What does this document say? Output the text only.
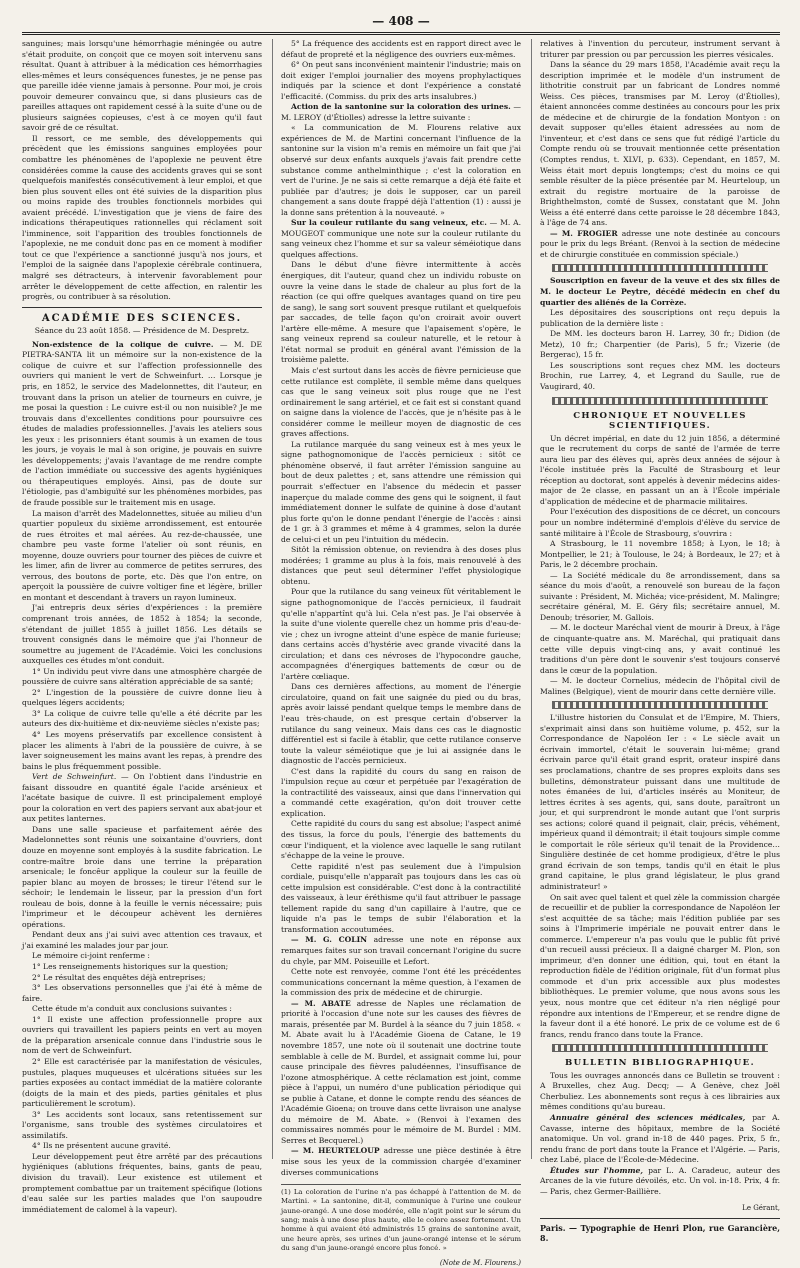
— 408 —

sanguines; mais lorsqu'une hémorrhagie méningée ou autre s'était produite, on conçoit que ce moyen soit intervenu sans résultat. Quant à attribuer à la médication ces hémorrhagies elles-mêmes et leurs conséquences funestes, je ne pense pas que pareille idée vienne jamais à personne. Pour moi, je crois pouvoir demeurer convaincu que, si dans plusieurs cas de pareilles attaques ont rapidement cessé à la suite d'une ou de plusieurs saignées copieuses, c'est à ce moyen qu'il faut savoir gré de ce résultat.

Il ressort, ce me semble, des développements qui précèdent que les émissions sanguines employées pour combattre les phénomènes de l'apoplexie ne peuvent être considérées comme la cause des accidents graves qui se sont quelquefois manifestés consécutivement à leur emploi, et que bien plus souvent elles ont été suivies de la disparition plus ou moins rapide des troubles fonctionnels morbides qui avaient précédé. L'investigation que je viens de faire des indications thérapeutiques rationnelles qui réclament soit l'imminence, soit l'apparition des troubles fonctionnels de l'apoplexie, ne me conduit donc pas en ce moment à modifier tout ce que l'expérience a sanctionné jusqu'à nos jours, et l'emploi de la saignée dans l'apoplexie cérébrale continuera, malgré ses détracteurs, à intervenir favorablement pour arrêter le développement de cette affection, en ralentir les progrès, ou contribuer à sa résolution.

ACADÉMIE DES SCIENCES.
Séance du 23 août 1858. — Présidence de M. Despretz.

Non-existence de la colique de cuivre. — M. DE PIETRA-SANTA lit un mémoire sur la non-existence de la colique de cuivre et sur l'affection professionnelle des ouvriers qui manient le vert de Schweinfurt. … Lorsque je pris, en 1852, le service des Madelonnettes, dit l'auteur, en trouvant dans la prison un atelier de tourneurs en cuivre, je me posai la question : Le cuivre est-il ou non nuisible? Je me trouvais dans d'excellentes conditions pour poursuivre ces études de maladies professionnelles. J'avais les ateliers sous les yeux : les prisonniers étant soumis à un examen de tous les jours, je voyais le mal à son origine, je pouvais en suivre les développements; j'avais l'avantage de me rendre compte de l'action immédiate ou successive des agents hygiéniques ou thérapeutiques employés. Ainsi, pas de doute sur l'étiologie, pas d'ambiguïté sur les phénomènes morbides, pas de fraude possible sur le traitement mis en usage.

La maison d'arrêt des Madelonnettes, située au milieu d'un quartier populeux du sixième arrondissement, est entourée de rues étroites et mal aérées. Au rez-de-chaussée, une chambre peu vaste forme l'atelier où sont réunis, en moyenne, douze ouvriers pour tourner des pièces de cuivre et les limer, afin de livrer au commerce de petites serrures, des verrous, des boutons de porte, etc. Dès que l'on entre, on aperçoit la poussière de cuivre voltiger fine et légère, briller en montant et descendant à travers un rayon lumineux.

J'ai entrepris deux séries d'expériences : la première comprenant trois années, de 1852 à 1854; la seconde, s'étendant de juillet 1855 à juillet 1856. Les détails se trouvent consignés dans le mémoire que j'ai l'honneur de soumettre au jugement de l'Académie. Voici les conclusions auxquelles ces études m'ont conduit.

1° Un individu peut vivre dans une atmosphère chargée de poussière de cuivre sans altération appréciable de sa santé;

2° L'ingestion de la poussière de cuivre donne lieu à quelques légers accidents;

3° La colique de cuivre telle qu'elle a été décrite par les auteurs des dix-huitième et dix-neuvième siècles n'existe pas;

4° Les moyens préservatifs par excellence consistent à placer les aliments à l'abri de la poussière de cuivre, à se laver soigneusement les mains avant les repas, à prendre des bains le plus fréquemment possible.

Vert de Schweinfurt. — On l'obtient dans l'industrie en faisant dissoudre en quantité égale l'acide arsénieux et l'acétate basique de cuivre. Il est principalement employé pour la coloration en vert des papiers servant aux abat-jour et aux petites lanternes.

Dans une salle spacieuse et parfaitement aérée des Madelonnettes sont réunis une soixantaine d'ouvriers, dont douze en moyenne sont employés à la susdite fabrication. Le contre-maître broie dans une terrine la préparation arsenicale; le foncêur applique la couleur sur la feuille de papier blanc au moyen de brosses; le tireur l'étend sur le séchoir; le lendemain le lisseur, par la pression d'un fort rouleau de bois, donne à la feuille le vernis nécessaire; puis l'imprimeur et le découpeur achèvent les dernières opérations.

Pendant deux ans j'ai suivi avec attention ces travaux, et j'ai examiné les malades jour par jour.

Le mémoire ci-joint renferme :

1° Les renseignements historiques sur la question;

2° Le résultat des enquêtes déjà entreprises;

3° Les observations personnelles que j'ai été à même de faire.

Cette étude m'a conduit aux conclusions suivantes :

1° Il existe une affection professionnelle propre aux ouvriers qui travaillent les papiers peints en vert au moyen de la préparation arsenicale connue dans l'industrie sous le nom de vert de Schweinfurt.

2° Elle est caractérisée par la manifestation de vésicules, pustules, plaques muqueuses et ulcérations situées sur les parties exposées au contact immédiat de la matière colorante (doigts de la main et des pieds, parties génitales et plus particulièrement le scrotum).

3° Les accidents sont locaux, sans retentissement sur l'organisme, sans trouble des systèmes circulatoires et assimilatifs.

4° Ils ne présentent aucune gravité.

Leur développement peut être arrêté par des précautions hygiéniques (ablutions fréquentes, bains, gants de peau, division du travail). Leur existence est utilement et promptement combattue par un traitement spécifique (lotions d'eau salée sur les parties malades que l'on saupoudre immédiatement de calomel à la vapeur).

5° La fréquence des accidents est en rapport direct avec le défaut de propreté et la négligence des ouvriers eux-mêmes.

6° On peut sans inconvénient maintenir l'industrie; mais on doit exiger l'emploi journalier des moyens prophylactiques indiqués par la science et dont l'expérience a constaté l'efficacité. (Commiss. du prix des arts insalubres.)

Action de la santonine sur la coloration des urines. — M. LEROY (d'Étiolles) adresse la lettre suivante :

« La communication de M. Flourens relative aux expériences de M. de Martini concernant l'influence de la santonine sur la vision m'a remis en mémoire un fait que j'ai observé sur deux enfants auxquels j'avais fait prendre cette substance comme anthelminthique ; c'est la coloration en vert de l'urine. Je ne sais si cette remarque a déjà été faite et publiée par d'autres; je dois le supposer, car un pareil changement a sans doute frappé déjà l'attention (1) : aussi je la donne sans prétention à la nouveauté. »

Sur la couleur rutilante du sang veineux, etc. — M. A. MOUGEOT communique une note sur la couleur rutilante du sang veineux chez l'homme et sur sa valeur séméiotique dans quelques affections.

Dans le début d'une fièvre intermittente à accès énergiques, dit l'auteur, quand chez un individu robuste on ouvre la veine dans le stade de chaleur au plus fort de la réaction (ce qui offre quelques avantages quand on tire peu de sang), le sang sort souvent presque rutilant et quelquefois par saccades, de telle façon qu'on croirait avoir ouvert l'artère elle-même. A mesure que l'apaisement s'opère, le sang veineux reprend sa couleur naturelle, et le retour à l'état normal se produit en général avant l'émission de la troisième palette.

Mais c'est surtout dans les accès de fièvre pernicieuse que cette rutilance est complète, il semble même dans quelques cas que le sang veineux soit plus rouge que ne l'est ordinairement le sang artériel, et ce fait est si constant quand on saigne dans la violence de l'accès, que je n'hésite pas à le considérer comme le meilleur moyen de diagnostic de ces graves affections.

La rutilance marquée du sang veineux est à mes yeux le signe pathognomonique de l'accès pernicieux : sitôt ce phénomène observé, il faut arrêter l'émission sanguine au bout de deux palettes ; et, sans attendre une rémission qui pourrait s'effectuer en l'absence du médecin et passer inaperçue du malade comme des gens qui le soignent, il faut immédiatement donner le sulfate de quinine à dose d'autant plus forte qu'on le donne pendant l'énergie de l'accès : ainsi de 1 gr. à 3 grammes et même à 4 grammes, selon la durée de celui-ci et un peu l'intuition du médecin.

Sitôt la rémission obtenue, on reviendra à des doses plus modérées; 1 gramme au plus à la fois, mais renouvelé à des distances que peut seul déterminer l'effet physiologique obtenu.

Pour que la rutilance du sang veineux fût véritablement le signe pathognomonique de l'accès pernicieux, il faudrait qu'elle n'appartînt qu'à lui. Cela n'est pas. Je l'ai observée à la suite d'une violente querelle chez un homme pris d'eau-de-vie ; chez un ivrogne atteint d'une espèce de manie furieuse; dans certains accès d'hystérie avec grande vivacité dans la circulation; et dans ces névroses de l'hypocondre gauche, accompagnées d'énergiques battements de cœur ou de l'artère cœliaque.

Dans ces dernières affections, au moment de l'énergie circulatoire, quand on fait une saignée du pied ou du bras, après avoir laissé pendant quelque temps le membre dans de l'eau très-chaude, on est presque certain d'observer la rutilance du sang veineux. Mais dans ces cas le diagnostic différentiel est si facile à établir, que cette rutilance conserve toute la valeur séméiotique que je lui ai assignée dans le diagnostic de l'accès pernicieux.

C'est dans la rapidité du cours du sang en raison de l'impulsion reçue au cœur et perpétuée par l'exagération de la contractilité des vaisseaux, ainsi que dans l'innervation qui a commandé cette exagération, qu'on doit trouver cette explication.

Cette rapidité du cours du sang est absolue; l'aspect animé des tissus, la force du pouls, l'énergie des battements du cœur l'indiquent, et la violence avec laquelle le sang rutilant s'échappe de la veine le prouve.

Cette rapidité n'est pas seulement due à l'impulsion cordiale, puisqu'elle n'apparaît pas toujours dans les cas où cette impulsion est considérable. C'est donc à la contractilité des vaisseaux, à leur éréthisme qu'il faut attribuer le passage tellement rapide du sang d'un capillaire à l'autre, que ce liquide n'a pas le temps de subir l'élaboration et la transformation accoutumées.

— M. G. COLIN adresse une note en réponse aux remarques faites sur son travail concernant l'origine du sucre du chyle, par MM. Poiseuille et Lefort.

Cette note est renvoyée, comme l'ont été les précédentes communications concernant la même question, à l'examen de la commission des prix de médecine et de chirurgie.

— M. ABATE adresse de Naples une réclamation de priorité à l'occasion d'une note sur les causes des fièvres de marais, présentée par M. Burdel à la séance du 7 juin 1858. « M. Abate avait lu à l'Académie Gioena de Catane, le 19 novembre 1857, une note où il soutenait une doctrine toute semblable à celle de M. Burdel, et assignait comme lui, pour cause principale des fièvres paludéennes, l'insuffisance de l'ozone atmosphérique. A cette réclamation est joint, comme pièce à l'appui, un numéro d'une publication périodique qui se publie à Catane, et donne le compte rendu des séances de l'Académie Gioena; on trouve dans cette livraison une analyse du mémoire de M. Abate. » (Renvoi à l'examen des commissaires nommés pour le mémoire de M. Burdel : MM. Serres et Becquerel.)

— M. HEURTELOUP adresse une pièce destinée à être mise sous les yeux de la commission chargée d'examiner diverses communications

(1) La coloration de l'urine n'a pas échappé à l'attention de M. de Martini. « La santonine, dit-il, communique à l'urine une couleur jaune-orangé. A une dose modérée, elle n'agit point sur le sérum du sang; mais à une dose plus haute, elle le colore assez fortement. Un homme à qui avaient été administrés 15 grains de santonine avait, une heure après, ses urines d'un jaune-orangé intense et le sérum du sang d'un jaune-orangé encore plus foncé. »
(Note de M. Flourens.)

relatives à l'invention du percuteur, instrument servant à triturer par pression ou par percussion les pierres vésicales.

Dans la séance du 29 mars 1858, l'Académie avait reçu la description imprimée et le modèle d'un instrument de lithotritie construit par un fabricant de Londres nommé Weiss. Ces pièces, transmises par M. Leroy (d'Étiolles), étaient annoncées comme destinées au concours pour les prix de médecine et de chirurgie de la fondation Montyon : on devait supposer qu'elles étaient adressées au nom de l'inventeur, et c'est dans ce sens que fut rédigé l'article du Compte rendu où se trouvait mentionnée cette présentation (Comptes rendus, t. XLVI, p. 633). Cependant, en 1857, M. Weiss était mort depuis longtemps; c'est du moins ce qui semble résulter de la pièce présentée par M. Heurteloup, un extrait du registre mortuaire de la paroisse de Brighthelmston, comté de Sussex, constatant que M. John Weiss a été enterré dans cette paroisse le 28 décembre 1843, à l'âge de 74 ans.

— M. FROGIER adresse une note destinée au concours pour le prix du legs Bréant. (Renvoi à la section de médecine et de chirurgie constituée en commission spéciale.)

Souscription en faveur de la veuve et des six filles de M. le docteur Le Peytre, décédé médecin en chef du quartier des aliénés de la Corrèze.

Les dépositaires des souscriptions ont reçu depuis la publication de la dernière liste :

De MM. les docteurs baron H. Larrey, 30 fr.; Didion (de Metz), 10 fr.; Charpentier (de Paris), 5 fr.; Vizerie (de Bergerac), 15 fr.

Les souscriptions sont reçues chez MM. les docteurs Brochin, rue Larrey, 4, et Legrand du Saulle, rue de Vaugirard, 40.

CHRONIQUE ET NOUVELLES SCIENTIFIQUES.

Un décret impérial, en date du 12 juin 1856, a déterminé que le recrutement du corps de santé de l'armée de terre aura lieu par des élèves qui, après deux années de séjour à l'école instituée près la Faculté de Strasbourg et leur réception au doctorat, sont appelés à devenir médecins aides-major de 2e classe, en passant un an à l'École impériale d'application de médecine et de pharmacie militaires.

Pour l'exécution des dispositions de ce décret, un concours pour un nombre indéterminé d'emplois d'élève du service de santé militaire à l'École de Strasbourg, s'ouvrira :

A Strasbourg, le 11 novembre 1858; à Lyon, le 18; à Montpellier, le 21; à Toulouse, le 24; à Bordeaux, le 27; et à Paris, le 2 décembre prochain.

— La Société médicale du 8e arrondissement, dans sa séance du mois d'août, a renouvelé son bureau de la façon suivante : Président, M. Michéa; vice-président, M. Malingre; secrétaire général, M. E. Géry fils; secrétaire annuel, M. Denoub; trésorier, M. Gallois.

— M. le docteur Maréchal vient de mourir à Dreux, à l'âge de cinquante-quatre ans. M. Maréchal, qui pratiquait dans cette ville depuis vingt-cinq ans, y avait continué les traditions d'un père dont le souvenir s'est toujours conservé dans le cœur de la population.

— M. le docteur Cornelius, médecin de l'hôpital civil de Malines (Belgique), vient de mourir dans cette dernière ville.

L'illustre historien du Consulat et de l'Empire, M. Thiers, s'exprimait ainsi dans son huitième volume, p. 452, sur la Correspondance de Napoléon Ier : « Le siècle avait un écrivain immortel, c'était le souverain lui-même; grand écrivain parce qu'il était grand esprit, orateur inspiré dans ses proclamations, chantre de ses propres exploits dans ses bulletins, démonstrateur puissant dans une multitude de notes émanées de lui, d'articles insérés au Moniteur, de lettres écrites à ses agents, qui, sans doute, paraîtront un jour, et qui surprendront le monde autant que l'ont surpris ses actions; coloré quand il peignait, clair, précis, véhément, impérieux quand il démontrait; il était toujours simple comme le comportait le rôle sérieux qu'il tenait de la Providence… Singulière destinée de cet homme prodigieux, d'être le plus grand écrivain de son temps, tandis qu'il en était le plus grand capitaine, le plus grand législateur, le plus grand administrateur! »

On sait avec quel talent et quel zèle la commission chargée de recueillir et de publier la correspondance de Napoléon Ier s'est acquittée de sa tâche; mais l'édition publiée par ses soins à l'Imprimerie impériale ne pouvait entrer dans le commerce. L'empereur n'a pas voulu que le public fût privé d'un recueil aussi précieux. Il a daigné charger M. Plon, son imprimeur, d'en donner une édition, qui, tout en étant la reproduction fidèle de l'édition originale, fût d'un format plus commode et d'un prix accessible aux plus modestes bibliothèques. Le premier volume, que nous avons sous les yeux, nous montre que cet éditeur n'a rien négligé pour répondre aux intentions de l'Empereur, et se rendre digne de la faveur dont il a été honoré. Le prix de ce volume est de 6 francs, rendu franco dans toute la France.

BULLETIN BIBLIOGRAPHIQUE.

Tous les ouvrages annoncés dans ce Bulletin se trouvent : A Bruxelles, chez Aug. Decq; — A Genève, chez Joël Cherbuliez. Les abonnements sont reçus à ces librairies aux mêmes conditions qu'au bureau.

Annuaire général des sciences médicales, par A. Cavasse, interne des hôpitaux, membre de la Société anatomique. Un vol. grand in-18 de 440 pages. Prix, 5 fr., rendu franc de port dans toute la France et l'Algérie. — Paris, chez Labé, place de l'École-de-Médecine.

Études sur l'homme, par L. A. Caradeuc, auteur des Arcanes de la vie future dévoilés, etc. Un vol. in-18. Prix, 4 fr. — Paris, chez Germer-Baillière.

Le Gérant,
Paris. — Typographie de Henri Plon, rue Garancière, 8.
